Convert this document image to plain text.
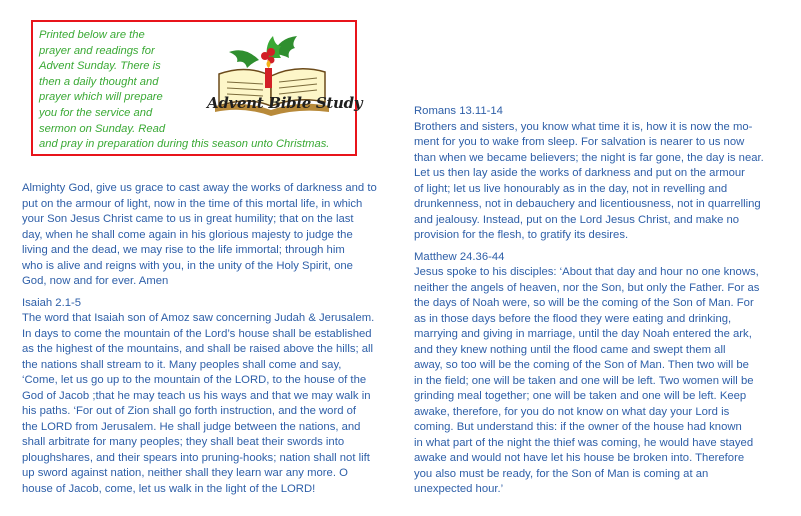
Printed below are the
prayer and readings for
Advent Sunday. There is
then a daily thought and
prayer which will prepare
you for the service and
sermon on Sunday. Read
and pray in preparation during this season unto Christmas.
Advent Bible Study
Almighty God, give us grace to cast away the works of darkness and to
put on the armour of light, now in the time of this mortal life, in which
your Son Jesus Christ came to us in great humility; that on the last
day, when he shall come again in his glorious majesty to judge the
living and the dead, we may rise to the life immortal; through him
who is alive and reigns with you, in the unity of the Holy Spirit, one
God, now and for ever. Amen
Isaiah 2.1-5
The word that Isaiah son of Amoz saw concerning Judah & Jerusalem.
In days to come the mountain of the Lord’s house shall be established
as the highest of the mountains, and shall be raised above the hills; all
the nations shall stream to it. Many peoples shall come and say,
‘Come, let us go up to the mountain of the LORD, to the house of the
God of Jacob ;that he may teach us his ways and that we may walk in
his paths. ‘For out of Zion shall go forth instruction, and the word of
the LORD from Jerusalem. He shall judge between the nations, and
shall arbitrate for many peoples; they shall beat their swords into
ploughshares, and their spears into pruning-hooks; nation shall not lift
up sword against nation, neither shall they learn war any more. O
house of Jacob, come, let us walk in the light of the LORD!
Romans 13.11-14
Brothers and sisters, you know what time it is, how it is now the mo-
ment for you to wake from sleep. For salvation is nearer to us now
than when we became believers; the night is far gone, the day is near.
Let us then lay aside the works of darkness and put on the armour
of light; let us live honourably as in the day, not in revelling and
drunkenness, not in debauchery and licentiousness, not in quarrelling
and jealousy. Instead, put on the Lord Jesus Christ, and make no
provision for the flesh, to gratify its desires.
Matthew 24.36-44
Jesus spoke to his disciples: ‘About that day and hour no one knows,
neither the angels of heaven, nor the Son, but only the Father. For as
the days of Noah were, so will be the coming of the Son of Man. For
as in those days before the flood they were eating and drinking,
marrying and giving in marriage, until the day Noah entered the ark,
and they knew nothing until the flood came and swept them all
away, so too will be the coming of the Son of Man. Then two will be
in the field; one will be taken and one will be left. Two women will be
grinding meal together; one will be taken and one will be left. Keep
awake, therefore, for you do not know on what day your Lord is
coming. But understand this: if the owner of the house had known
in what part of the night the thief was coming, he would have stayed
awake and would not have let his house be broken into. Therefore
you also must be ready, for the Son of Man is coming at an
unexpected hour.’
